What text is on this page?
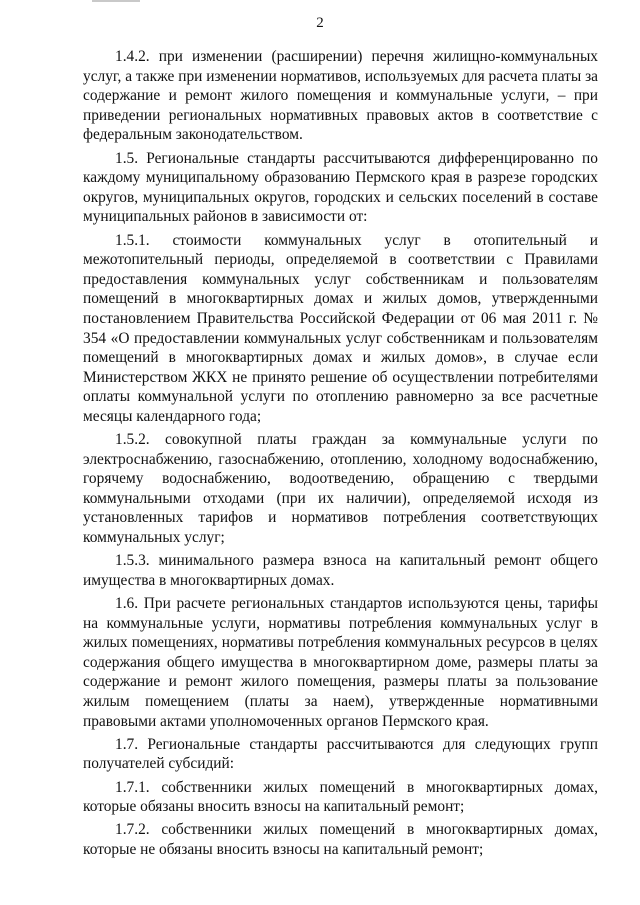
2

1.4.2. при изменении (расширении) перечня жилищно-коммунальных услуг, а также при изменении нормативов, используемых для расчета платы за содержание и ремонт жилого помещения и коммунальные услуги, – при приведении региональных нормативных правовых актов в соответствие с федеральным законодательством.

1.5. Региональные стандарты рассчитываются дифференцированно по каждому муниципальному образованию Пермского края в разрезе городских округов, муниципальных округов, городских и сельских поселений в составе муниципальных районов в зависимости от:

1.5.1. стоимости коммунальных услуг в отопительный и межотопительный периоды, определяемой в соответствии с Правилами предоставления коммунальных услуг собственникам и пользователям помещений в многоквартирных домах и жилых домов, утвержденными постановлением Правительства Российской Федерации от 06 мая 2011 г. № 354 «О предоставлении коммунальных услуг собственникам и пользователям помещений в многоквартирных домах и жилых домов», в случае если Министерством ЖКХ не принято решение об осуществлении потребителями оплаты коммунальной услуги по отоплению равномерно за все расчетные месяцы календарного года;

1.5.2. совокупной платы граждан за коммунальные услуги по электроснабжению, газоснабжению, отоплению, холодному водоснабжению, горячему водоснабжению, водоотведению, обращению с твердыми коммунальными отходами (при их наличии), определяемой исходя из установленных тарифов и нормативов потребления соответствующих коммунальных услуг;

1.5.3. минимального размера взноса на капитальный ремонт общего имущества в многоквартирных домах.

1.6. При расчете региональных стандартов используются цены, тарифы на коммунальные услуги, нормативы потребления коммунальных услуг в жилых помещениях, нормативы потребления коммунальных ресурсов в целях содержания общего имущества в многоквартирном доме, размеры платы за содержание и ремонт жилого помещения, размеры платы за пользование жилым помещением (платы за наем), утвержденные нормативными правовыми актами уполномоченных органов Пермского края.

1.7. Региональные стандарты рассчитываются для следующих групп получателей субсидий:

1.7.1. собственники жилых помещений в многоквартирных домах, которые обязаны вносить взносы на капитальный ремонт;

1.7.2. собственники жилых помещений в многоквартирных домах, которые не обязаны вносить взносы на капитальный ремонт;
